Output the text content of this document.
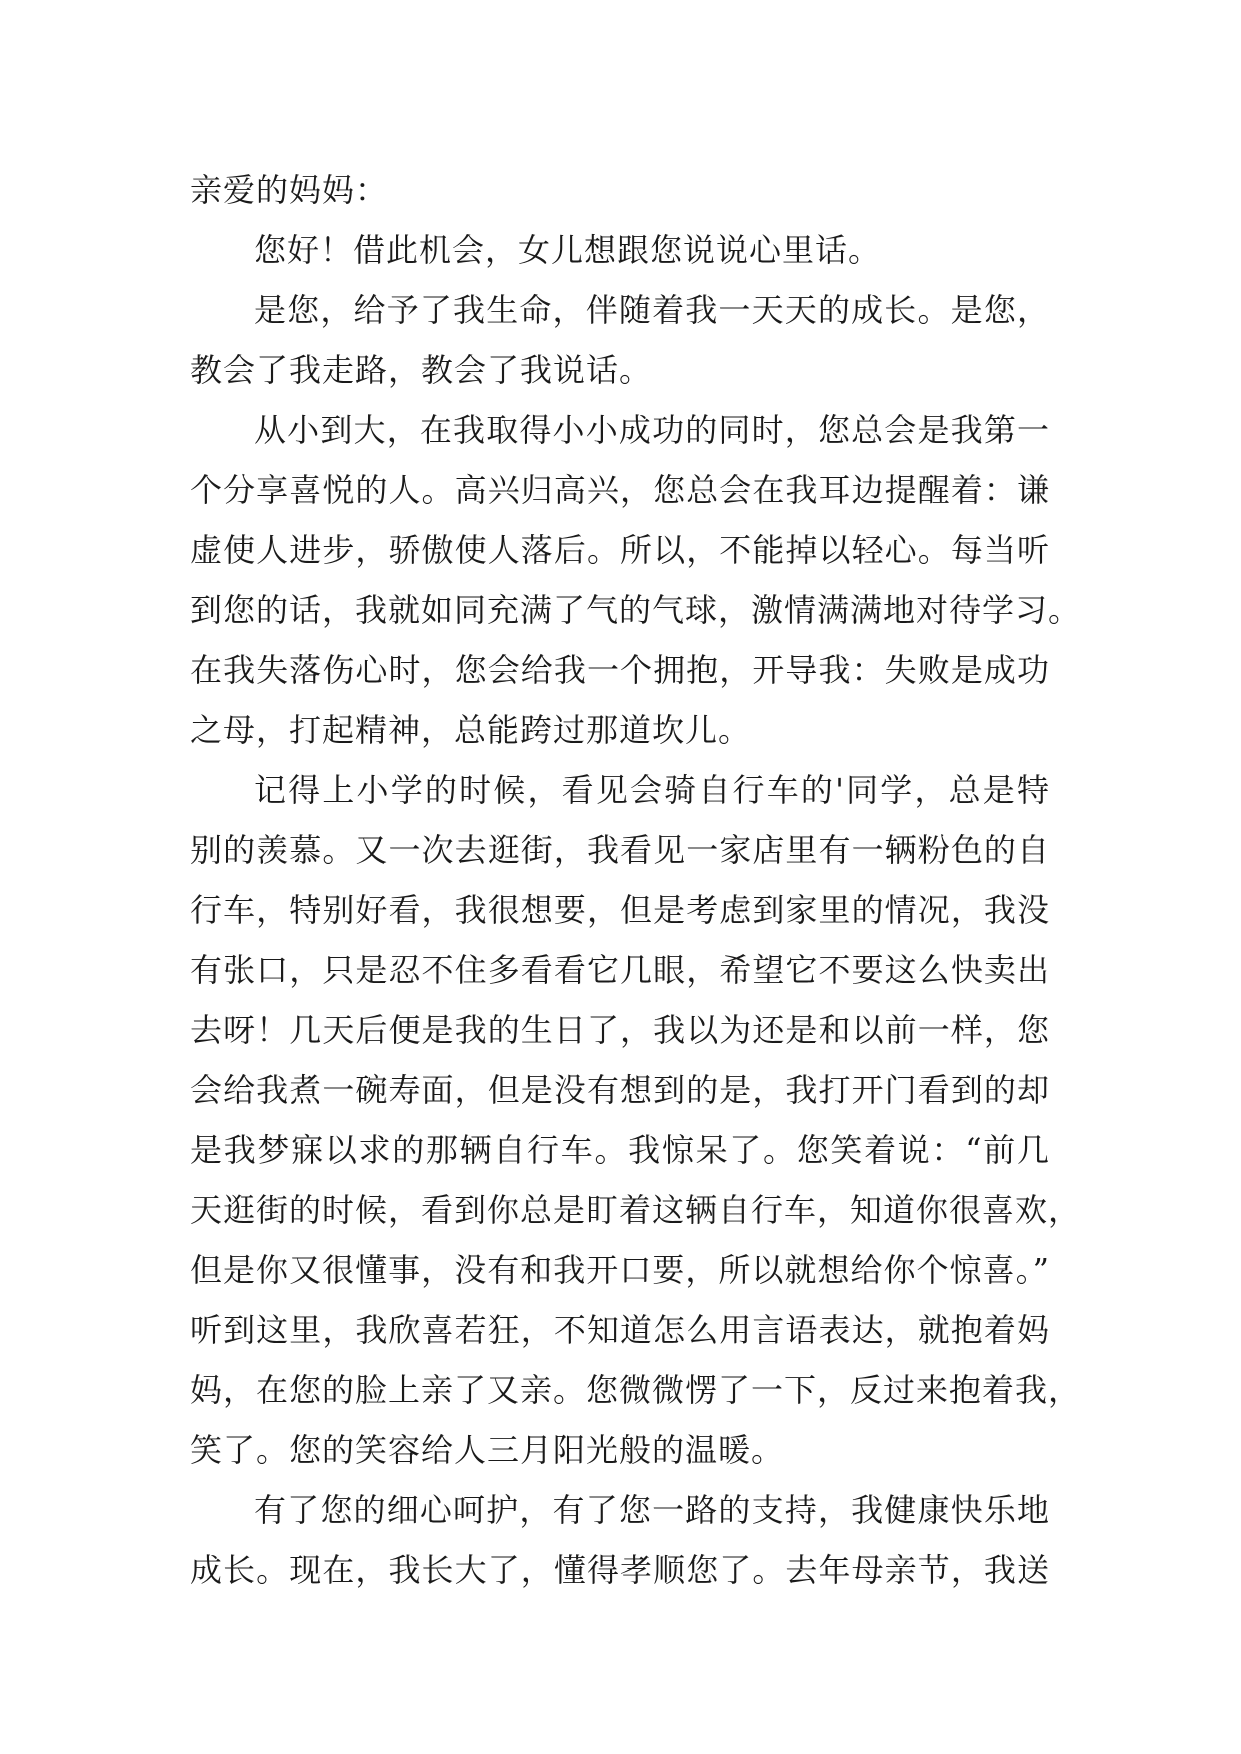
亲爱的妈妈：
您好！借此机会，女儿想跟您说说心里话。
是您，给予了我生命，伴随着我一天天的成长。是您，
教会了我走路，教会了我说话。
从小到大，在我取得小小成功的同时，您总会是我第一
个分享喜悦的人。高兴归高兴，您总会在我耳边提醒着：谦
虚使人进步，骄傲使人落后。所以，不能掉以轻心。每当听
到您的话，我就如同充满了气的气球，激情满满地对待学习。
在我失落伤心时，您会给我一个拥抱，开导我：失败是成功
之母，打起精神，总能跨过那道坎儿。
记得上小学的时候，看见会骑自行车的'同学，总是特
别的羡慕。又一次去逛街，我看见一家店里有一辆粉色的自
行车，特别好看，我很想要，但是考虑到家里的情况，我没
有张口，只是忍不住多看看它几眼，希望它不要这么快卖出
去呀！几天后便是我的生日了，我以为还是和以前一样，您
会给我煮一碗寿面，但是没有想到的是，我打开门看到的却
是我梦寐以求的那辆自行车。我惊呆了。您笑着说：“前几
天逛街的时候，看到你总是盯着这辆自行车，知道你很喜欢，
但是你又很懂事，没有和我开口要，所以就想给你个惊喜。”
听到这里，我欣喜若狂，不知道怎么用言语表达，就抱着妈
妈，在您的脸上亲了又亲。您微微愣了一下，反过来抱着我，
笑了。您的笑容给人三月阳光般的温暖。
有了您的细心呵护，有了您一路的支持，我健康快乐地
成长。现在，我长大了，懂得孝顺您了。去年母亲节，我送
